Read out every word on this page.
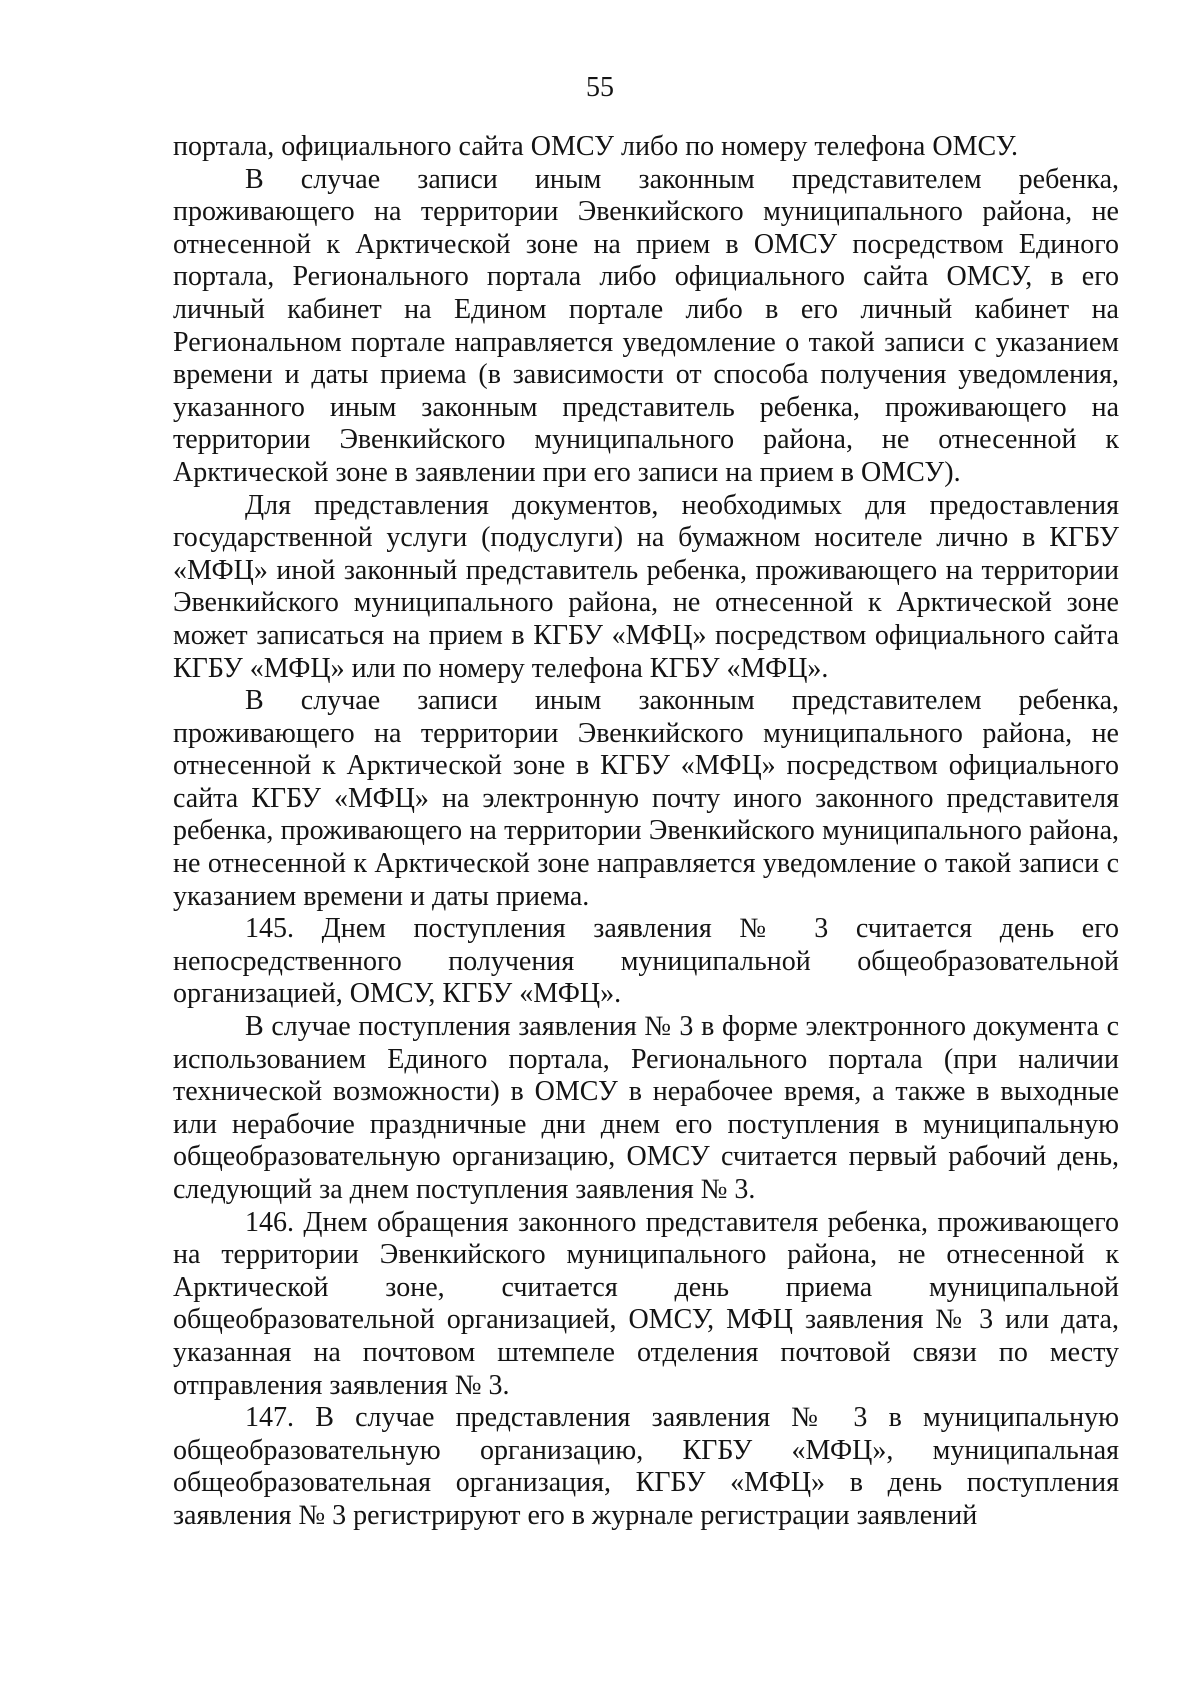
55

портала, официального сайта ОМСУ либо по номеру телефона ОМСУ.

В случае записи иным законным представителем ребенка, проживающего на территории Эвенкийского муниципального района, не отнесенной к Арктической зоне на прием в ОМСУ посредством Единого портала, Регионального портала либо официального сайта ОМСУ, в его личный кабинет на Едином портале либо в его личный кабинет на Региональном портале направляется уведомление о такой записи с указанием времени и даты приема (в зависимости от способа получения уведомления, указанного иным законным представитель ребенка, проживающего на территории Эвенкийского муниципального района, не отнесенной к Арктической зоне в заявлении при его записи на прием в ОМСУ).

Для представления документов, необходимых для предоставления государственной услуги (подуслуги) на бумажном носителе лично в КГБУ «МФЦ» иной законный представитель ребенка, проживающего на территории Эвенкийского муниципального района, не отнесенной к Арктической зоне может записаться на прием в КГБУ «МФЦ» посредством официального сайта КГБУ «МФЦ» или по номеру телефона КГБУ «МФЦ».

В случае записи иным законным представителем ребенка, проживающего на территории Эвенкийского муниципального района, не отнесенной к Арктической зоне в КГБУ «МФЦ» посредством официального сайта КГБУ «МФЦ» на электронную почту иного законного представителя ребенка, проживающего на территории Эвенкийского муниципального района, не отнесенной к Арктической зоне направляется уведомление о такой записи с указанием времени и даты приема.

145. Днем поступления заявления № 3 считается день его непосредственного получения муниципальной общеобразовательной организацией, ОМСУ, КГБУ «МФЦ».

В случае поступления заявления № 3 в форме электронного документа с использованием Единого портала, Регионального портала (при наличии технической возможности) в ОМСУ в нерабочее время, а также в выходные или нерабочие праздничные дни днем его поступления в муниципальную общеобразовательную организацию, ОМСУ считается первый рабочий день, следующий за днем поступления заявления № 3.

146. Днем обращения законного представителя ребенка, проживающего на территории Эвенкийского муниципального района, не отнесенной к Арктической зоне, считается день приема муниципальной общеобразовательной организацией, ОМСУ, МФЦ заявления № 3 или дата, указанная на почтовом штемпеле отделения почтовой связи по месту отправления заявления № 3.

147. В случае представления заявления № 3 в муниципальную общеобразовательную организацию, КГБУ «МФЦ», муниципальная общеобразовательная организация, КГБУ «МФЦ» в день поступления заявления № 3 регистрируют его в журнале регистрации заявлений
